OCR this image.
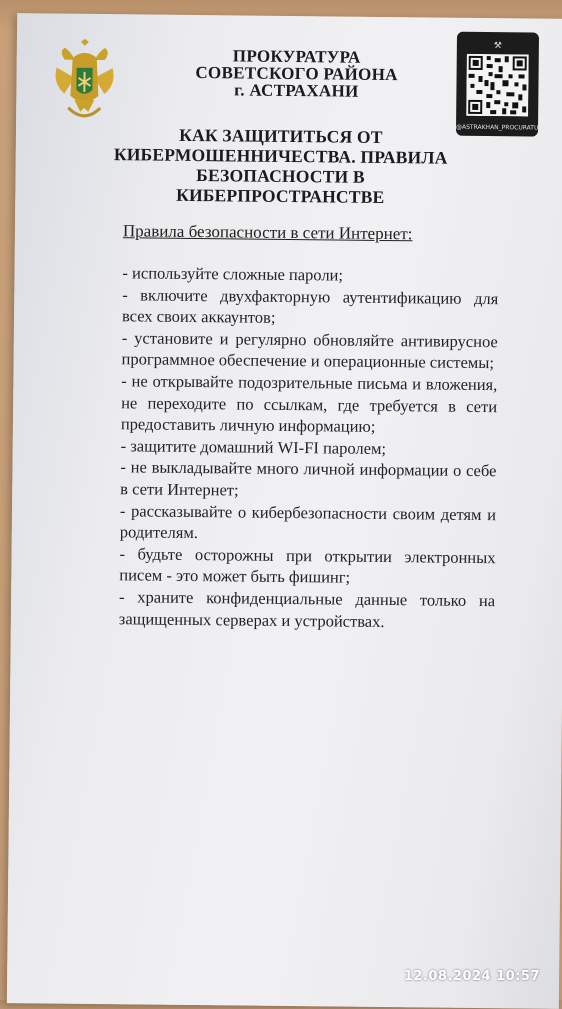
ПРОКУРАТУРА
СОВЕТСКОГО РАЙОНА
г. АСТРАХАНИ
⚒
@ASTRAKHAN_PROCURATURA
КАК ЗАЩИТИТЬСЯ ОТ
КИБЕРМОШЕННИЧЕСТВА. ПРАВИЛА
БЕЗОПАСНОСТИ В
КИБЕРПРОСТРАНСТВЕ
Правила безопасности в сети Интернет:

- используйте сложные пароли;

- включите двухфакторную аутентификацию для всех своих аккаунтов;

- установите и регулярно обновляйте антивирусное программное обеспечение и операционные системы;

- не открывайте подозрительные письма и вложения, не переходите по ссылкам, где требуется в сети предоставить личную информацию;

- защитите домашний WI-FI паролем;

- не выкладывайте много личной информации о себе в сети Интернет;

- рассказывайте о кибербезопасности своим детям и родителям.

- будьте осторожны при открытии электронных писем - это может быть фишинг;

- храните конфиденциальные данные только на защищенных серверах и устройствах.

12.08.2024 10:57
